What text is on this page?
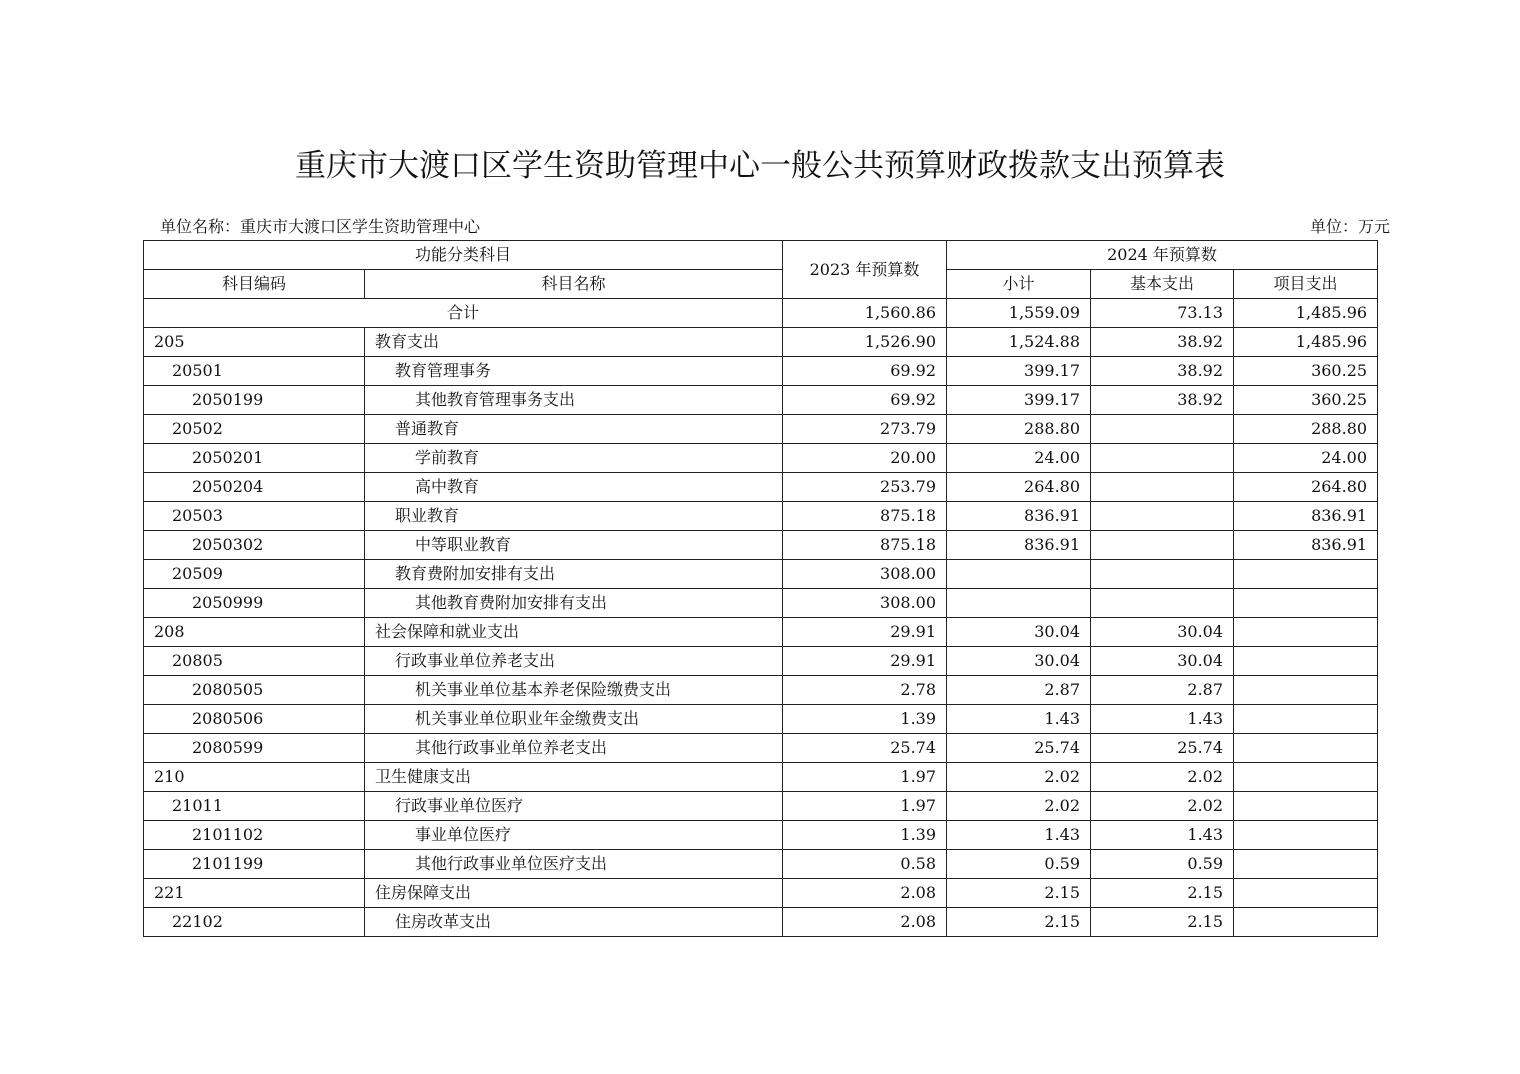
重庆市大渡口区学生资助管理中心一般公共预算财政拨款支出预算表
单位名称：重庆市大渡口区学生资助管理中心	单位：万元
功能分类科目		2023 年预算数	2024 年预算数		
科目编码	科目名称		小计	基本支出	项目支出
合计		1,560.86	1,559.09	73.13	1,485.96
205	教育支出	1,526.90	1,524.88	38.92	1,485.96
20501	教育管理事务	69.92	399.17	38.92	360.25
2050199	其他教育管理事务支出	69.92	399.17	38.92	360.25
20502	普通教育	273.79	288.80		288.80
2050201	学前教育	20.00	24.00		24.00
2050204	高中教育	253.79	264.80		264.80
20503	职业教育	875.18	836.91		836.91
2050302	中等职业教育	875.18	836.91		836.91
20509	教育费附加安排有支出	308.00			
2050999	其他教育费附加安排有支出	308.00			
208	社会保障和就业支出	29.91	30.04	30.04	
20805	行政事业单位养老支出	29.91	30.04	30.04	
2080505	机关事业单位基本养老保险缴费支出	2.78	2.87	2.87	
2080506	机关事业单位职业年金缴费支出	1.39	1.43	1.43	
2080599	其他行政事业单位养老支出	25.74	25.74	25.74	
210	卫生健康支出	1.97	2.02	2.02	
21011	行政事业单位医疗	1.97	2.02	2.02	
2101102	事业单位医疗	1.39	1.43	1.43	
2101199	其他行政事业单位医疗支出	0.58	0.59	0.59	
221	住房保障支出	2.08	2.15	2.15	
22102	住房改革支出	2.08	2.15	2.15	
